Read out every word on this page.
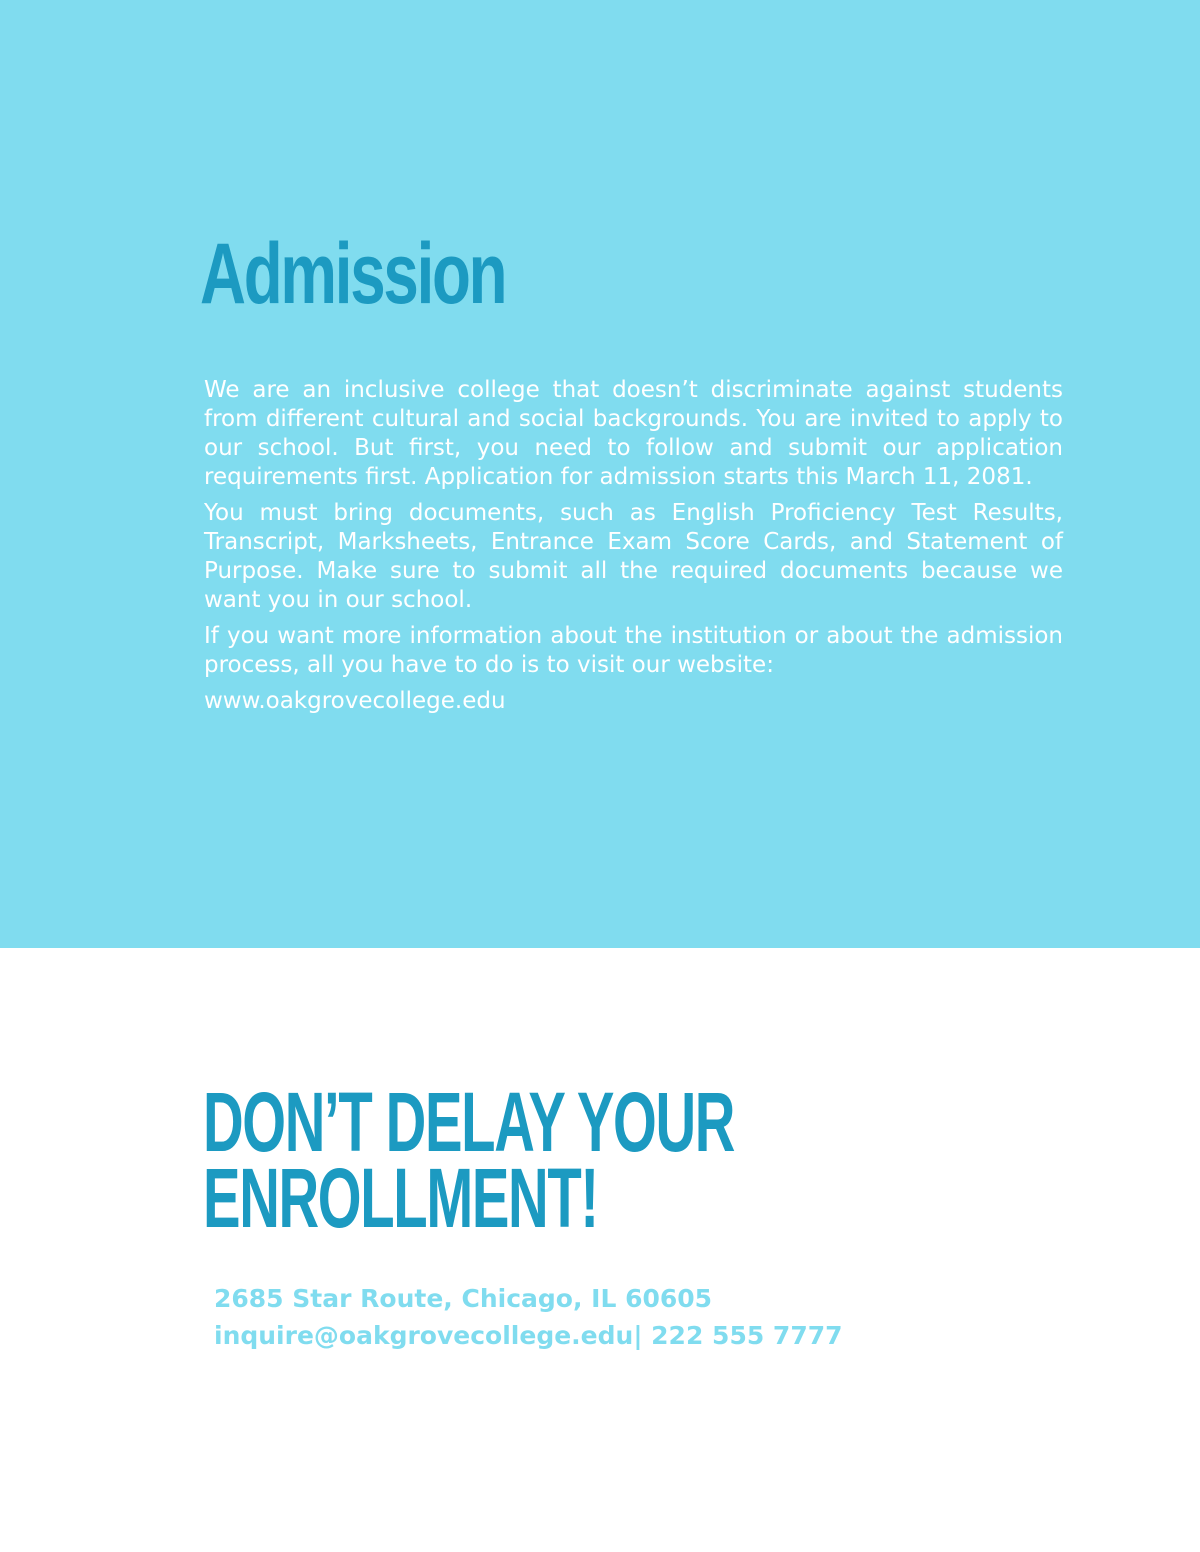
Admission

We are an inclusive college that doesn’t discriminate against students from different cultural and social backgrounds. You are invited to apply to our school. But first, you need to follow and submit our application requirements first. Application for admission starts this March 11, 2081.

You must bring documents, such as English Proficiency Test Results, Transcript, Marksheets, Entrance Exam Score Cards, and Statement of Purpose. Make sure to submit all the required documents because we want you in our school.

If you want more information about the institution or about the admission process, all you have to do is to visit our website:

www.oakgrovecollege.edu

DON’T DELAY YOUR
ENROLLMENT!
2685 Star Route, Chicago, IL 60605
inquire@oakgrovecollege.edu| 222 555 7777
